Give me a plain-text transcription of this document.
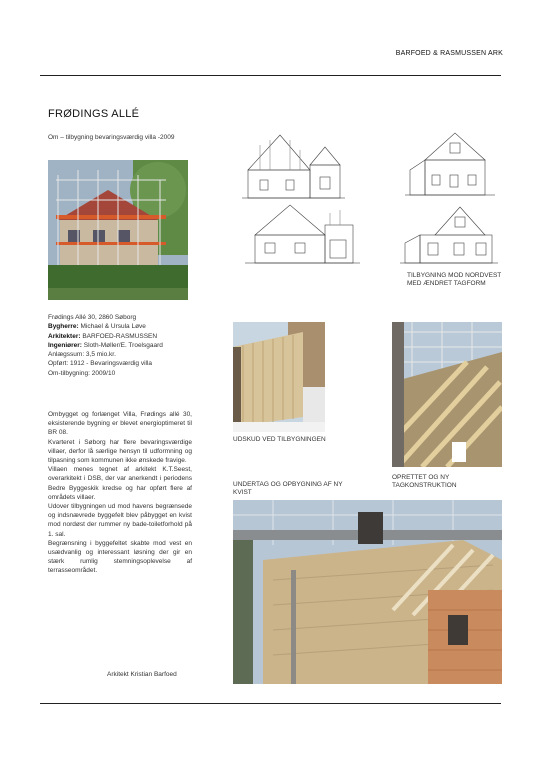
BARFOED & RASMUSSEN ARK
FRØDINGS ALLÉ
Om – tilbygning bevaringsværdig villa -2009
TILBYGNING MOD NORDVEST MED ÆNDRET TAGFORM
UDSKUD VED TILBYGNINGEN
OPRETTET OG NY TAGKONSTRUKTION
UNDERTAG OG OPBYGNING AF NY KVIST
Frødings Allé 30, 2860 Søborg
Bygherre: Michael & Ursula Løve
Arkitekter: BARFOED-RASMUSSEN
Ingeniører: Sloth-Møller/E. Troelsgaard
Anlægssum: 3,5 mio.kr.
Opført: 1912 - Bevaringsværdig villa
Om-tilbygning: 2009/10

Ombygget og forlænget Villa, Frødings allé 30, eksisterende bygning er blevet energioptimeret til BR 08.

Kvarteret i Søborg har flere bevaringsværdige villaer, derfor lå særlige hensyn til udformning og tilpasning som kommunen ikke ønskede fravige.

Villaen menes tegnet af arkitekt K.T.Seest, overarkitekt i DSB, der var anerkendt i periodens Bedre Byggeskik kredse og har opført flere af områdets villaer.

Udover tilbygningen ud mod havens begrænsede og indsnævrede byggefelt blev påbygget en kvist mod nordøst der rummer ny bade-toiletforhold på 1. sal.

Begrænsning i byggefeltet skabte mod vest en usædvanlig og interessant løsning der gir en stærk rumlig stemningsoplevelse af terrasseområdet.

Arkitekt Kristian Barfoed
